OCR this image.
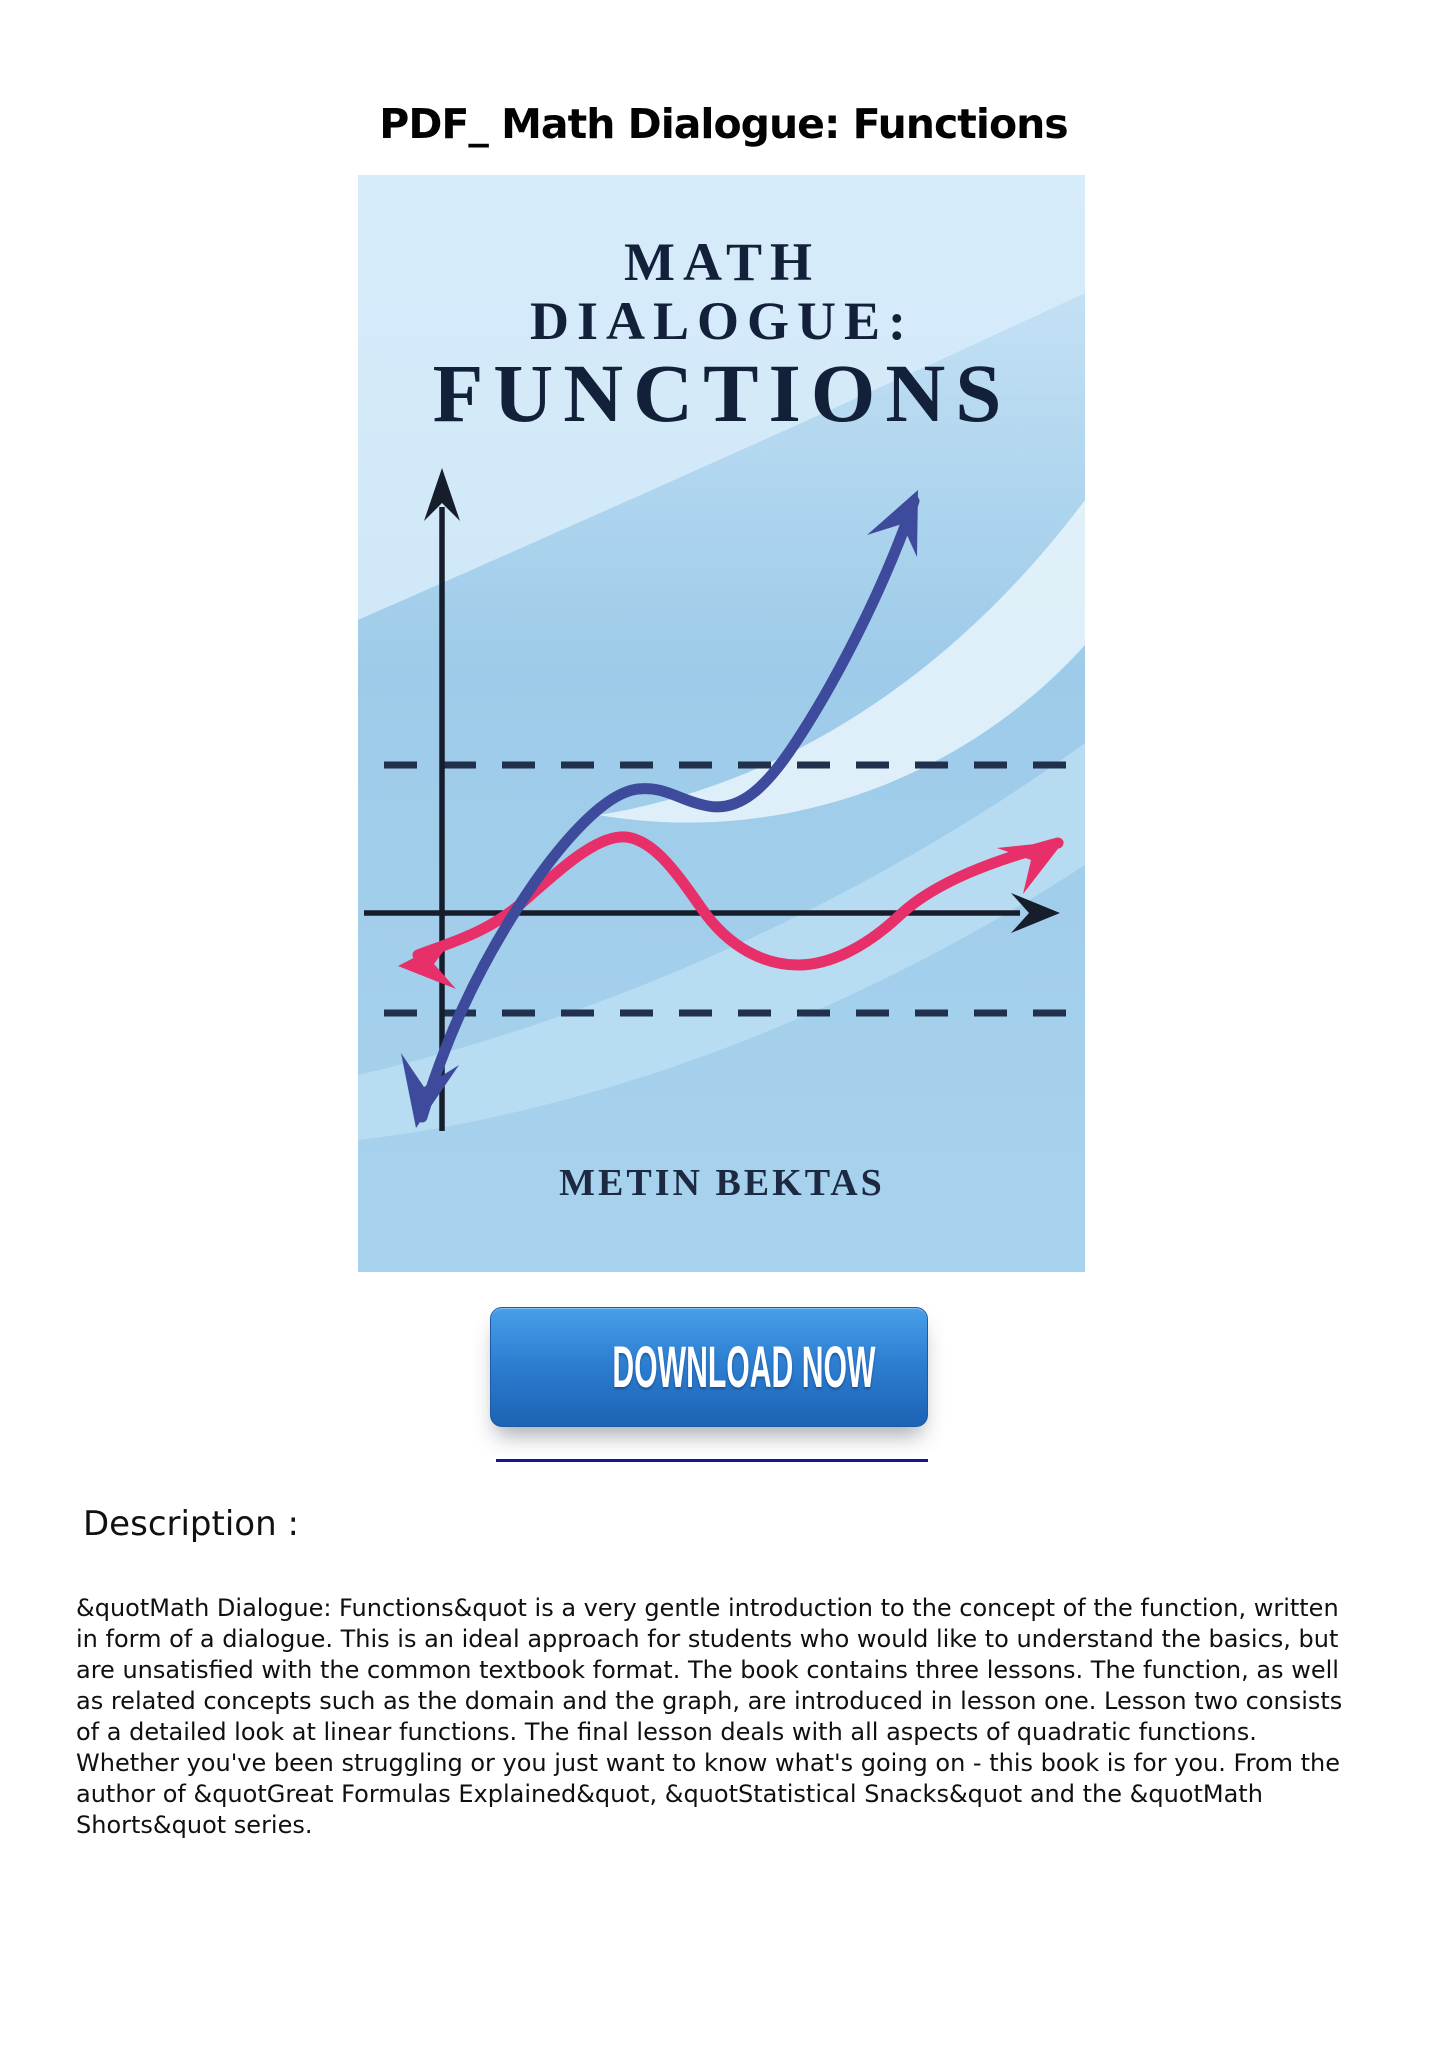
PDF_ Math Dialogue: Functions
MATH
DIALOGUE:
FUNCTIONS
METIN BEKTAS
DOWNLOAD NOW
Description :

&quotMath Dialogue: Functions&quot is a very gentle introduction to the concept of the function, written in form of a dialogue. This is an ideal approach for students who would like to understand the basics, but are unsatisfied with the common textbook format. The book contains three lessons. The function, as well as related concepts such as the domain and the graph, are introduced in lesson one. Lesson two consists of a detailed look at linear functions. The final lesson deals with all aspects of quadratic functions. Whether you've been struggling or you just want to know what's going on - this book is for you. From the author of &quotGreat Formulas Explained&quot, &quotStatistical Snacks&quot and the &quotMath Shorts&quot series.
